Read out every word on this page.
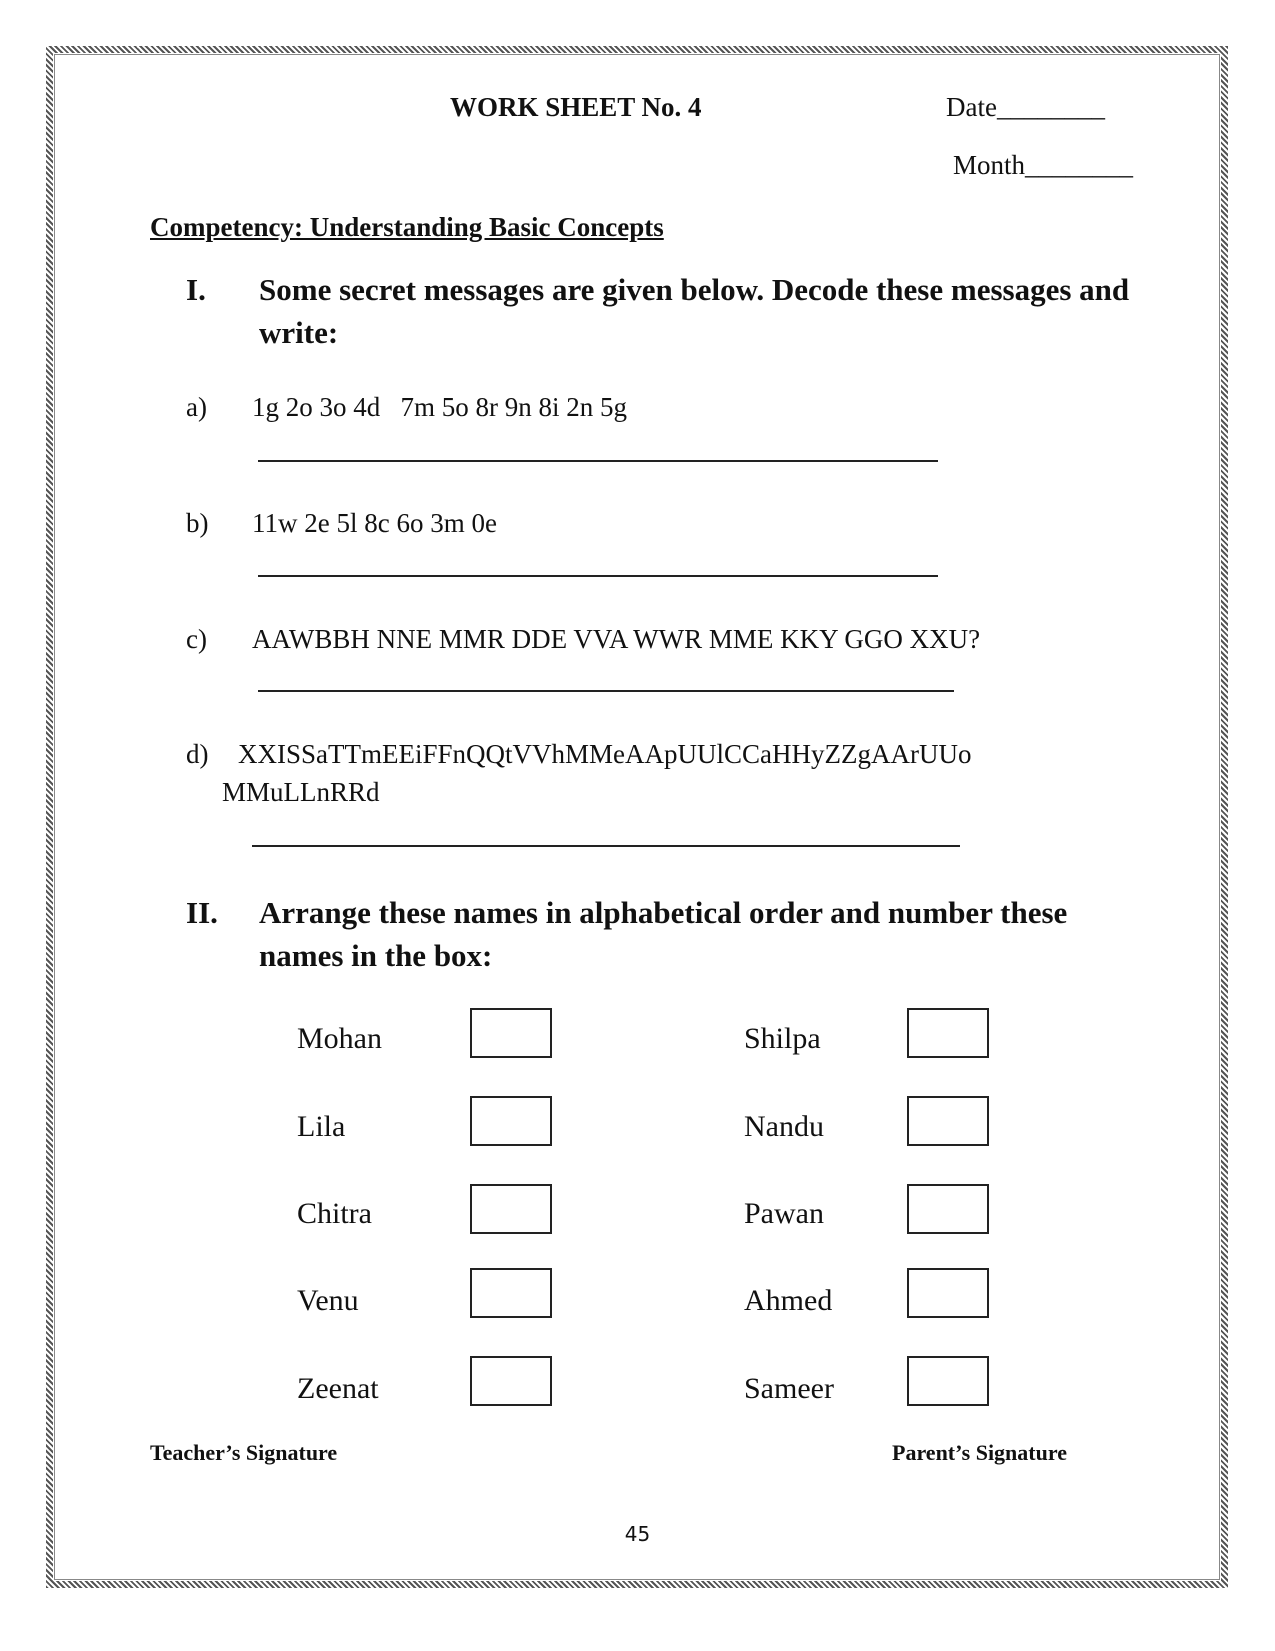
WORK SHEET No. 4	Date________
Month________
Competency: Understanding Basic Concepts
I. Some secret messages are given below. Decode these messages and write:
a) 1g 2o 3o 4d   7m 5o 8r 9n 8i 2n 5g
b) 11w 2e 5l 8c 6o 3m 0e
c) AAWBBH NNE MMR DDE VVA WWR MME KKY GGO XXU?
d) XXISSaTTmEEiFFnQQtVVhMMeAApUUlCCaHHyZZgAArUUo
MMuLLnRRd
II. Arrange these names in alphabetical order and number these names in the box:
Mohan
Lila
Chitra
Venu
Zeenat
Shilpa
Nandu
Pawan
Ahmed
Sameer
Teacher’s Signature	Parent’s Signature
45
